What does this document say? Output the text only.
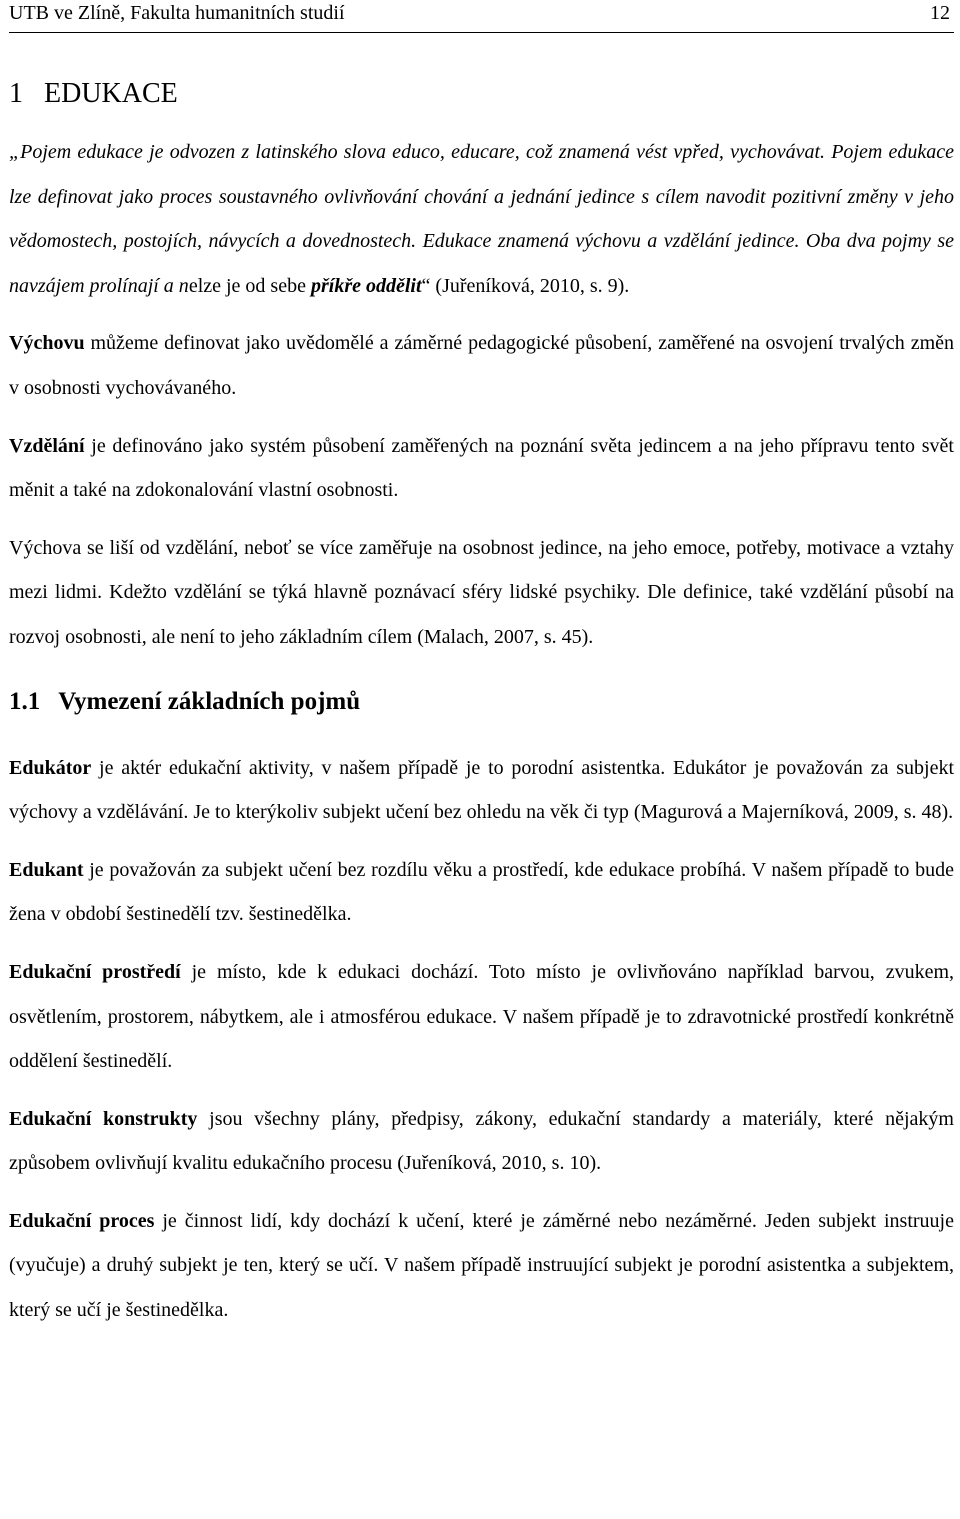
UTB ve Zlíně, Fakulta humanitních studií	12
1 EDUKACE

„Pojem edukace je odvozen z latinského slova educo, educare, což znamená vést vpřed, vychovávat. Pojem edukace lze definovat jako proces soustavného ovlivňování chování a jednání jedince s cílem navodit pozitivní změny v jeho vědomostech, postojích, návycích a dovednostech. Edukace znamená výchovu a vzdělání jedince. Oba dva pojmy se navzájem prolínají a nelze je od sebe příkře oddělit“ (Juřeníková, 2010, s. 9).

Výchovu můžeme definovat jako uvědomělé a záměrné pedagogické působení, zaměřené na osvojení trvalých změn v osobnosti vychovávaného.

Vzdělání je definováno jako systém působení zaměřených na poznání světa jedincem a na jeho přípravu tento svět měnit a také na zdokonalování vlastní osobnosti.

Výchova se liší od vzdělání, neboť se více zaměřuje na osobnost jedince, na jeho emoce, potřeby, motivace a vztahy mezi lidmi. Kdežto vzdělání se týká hlavně poznávací sféry lidské psychiky. Dle definice, také vzdělání působí na rozvoj osobnosti, ale není to jeho základním cílem (Malach, 2007, s. 45).

1.1 Vymezení základních pojmů

Edukátor je aktér edukační aktivity, v našem případě je to porodní asistentka. Edukátor je považován za subjekt výchovy a vzdělávání. Je to kterýkoliv subjekt učení bez ohledu na věk či typ (Magurová a Majerníková, 2009, s. 48).

Edukant je považován za subjekt učení bez rozdílu věku a prostředí, kde edukace probíhá. V našem případě to bude žena v období šestinedělí tzv. šestinedělka.

Edukační prostředí je místo, kde k edukaci dochází. Toto místo je ovlivňováno například barvou, zvukem, osvětlením, prostorem, nábytkem, ale i atmosférou edukace. V našem případě je to zdravotnické prostředí konkrétně oddělení šestinedělí.

Edukační konstrukty jsou všechny plány, předpisy, zákony, edukační standardy a materiály, které nějakým způsobem ovlivňují kvalitu edukačního procesu (Juřeníková, 2010, s. 10).

Edukační proces je činnost lidí, kdy dochází k učení, které je záměrné nebo nezáměrné. Jeden subjekt instruuje (vyučuje) a druhý subjekt je ten, který se učí. V našem případě instruující subjekt je porodní asistentka a subjektem, který se učí je šestinedělka.
